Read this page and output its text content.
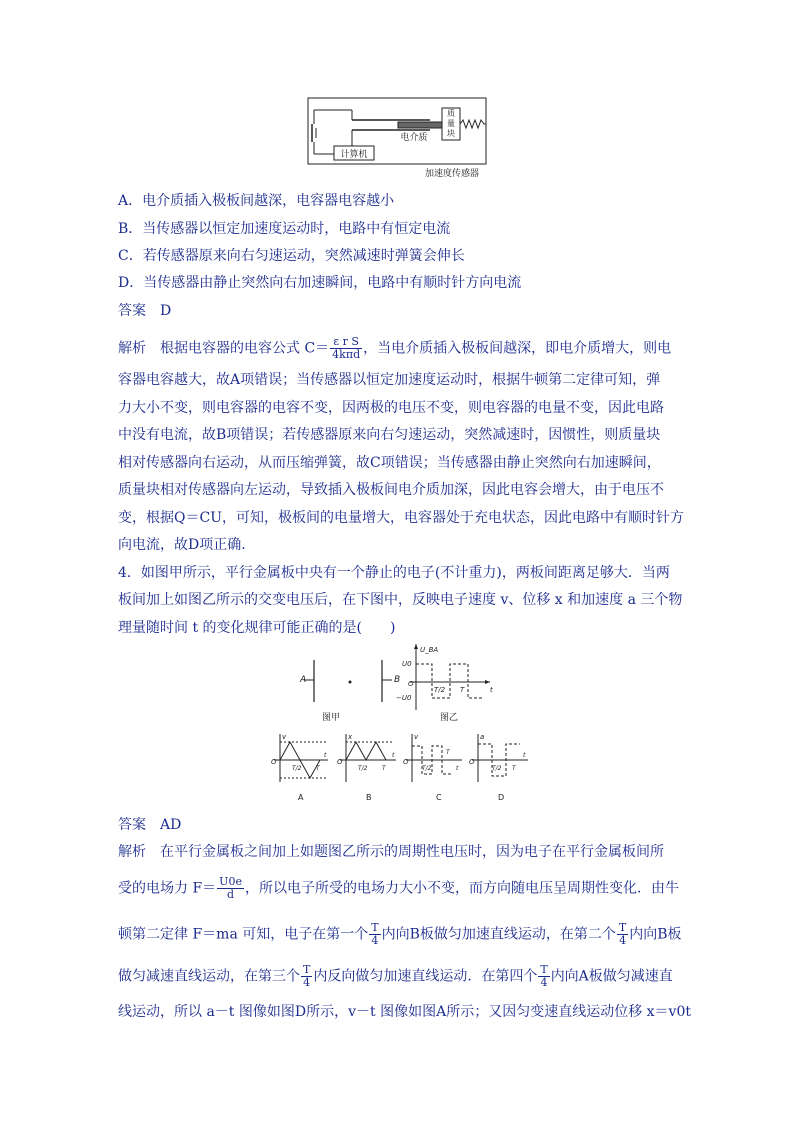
质
量
块
电介质
计算机
加速度传感器
A．电介质插入极板间越深，电容器电容越小
B．当传感器以恒定加速度运动时，电路中有恒定电流
C．若传感器原来向右匀速运动，突然减速时弹簧会伸长
D．当传感器由静止突然向右加速瞬间，电路中有顺时针方向电流
答案　D
解析　根据电容器的电容公式 $C= \frac{\text{ε r S}}{\text{4kπd}}$ ，当电介质插入极板间越深，即电介质增大，则电
容器电容越大，故A项错误；当传感器以恒定加速度运动时，根据牛顿第二定律可知，弹
力大小不变，则电容器的电容不变，因两极的电压不变，则电容器的电量不变，因此电路
中没有电流，故B项错误；若传感器原来向右匀速运动，突然减速时，因惯性，则质量块
相对传感器向右运动，从而压缩弹簧，故C项错误；当传感器由静止突然向右加速瞬间，
质量块相对传感器向左运动，导致插入极板间电介质加深，因此电容会增大，由于电压不
变，根据Q＝CU，可知，极板间的电量增大，电容器处于充电状态，因此电路中有顺时针方
向电流，故D项正确．
4．如图甲所示，平行金属板中央有一个静止的电子(不计重力)，两板间距离足够大．当两
板间加上如图乙所示的交变电压后，在下图中，反映电子速度 v、位移 x 和加速度 a 三个物
理量随时间 t 的变化规律可能正确的是(　　)
A	B
图甲
U_BA
U0
−U0
O
T/2 T	t
图乙
v
O
T/2 T
t
A
x
O
T/2 T
t
B
v
O
T/2
T
t
C
a
O
T/2 T
t
D
答案　AD
解析　在平行金属板之间加上如题图乙所示的周期性电压时，因为电子在平行金属板间所
受的电场力 $F= \frac{U0e}{d}$ ，所以电子所受的电场力大小不变，而方向随电压呈周期性变化．由牛
顿第二定律 F＝ma 可知，电子在第一个 $\frac{T}{4}$ 内向B板做匀加速直线运动，在第二个 $\frac{T}{4}$ 内向B板
做匀减速直线运动，在第三个 $\frac{T}{4}$ 内反向做匀加速直线运动．在第四个 $\frac{T}{4}$ 内向A板做匀减速直
线运动，所以 a－t 图像如图D所示，v－t 图像如图A所示；又因匀变速直线运动位移 x＝v0t
